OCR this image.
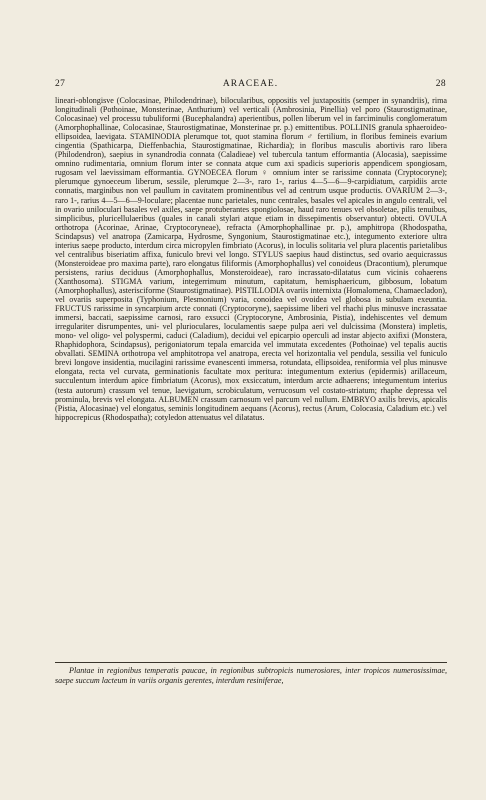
27	ARACEAE.	28

lineari-oblongisve (Colocasinae, Philodendrinae), bilocularibus, oppositis vel juxtapositis (semper in synandriis), rima longitudinali (Pothoinae, Monsterinae, Anthurium) vel verticali (Ambrosinia, Pinellia) vel poro (Staurostigmatinae, Colocasinae) vel processu tubuliformi (Bucephalandra) aperientibus, pollen liberum vel in farciminulis conglomeratum (Amorphophallinae, Colocasinae, Staurostigmatinae, Monsterinae pr. p.) emittentibus. POLLINIS granula sphaeroideo-ellipsoidea, laevigata. STAMINODIA plerumque tot, quot stamina florum ♂ fertilium, in floribus femineis evarium cingentia (Spathicarpa, Dieffenbachia, Staurostigmatinae, Richardia); in floribus masculis abortivis raro libera (Philodendron), saepius in synandrodia connata (Caladieae) vel tubercula tantum efformantia (Alocasia), saepissime omnino rudimentaria, omnium florum inter se connata atque cum axi spadicis superioris appendicem spongiosam, rugosam vel laevissimam efformantia. GYNOECEA florum ♀ omnium inter se rarissime connata (Cryptocoryne); plerumque gynoeceum liberum, sessile, plerumque 2—3-, raro 1-, rarius 4—5—6—9-carpidiatum, carpidiis arcte connatis, marginibus non vel paullum in cavitatem prominentibus vel ad centrum usque productis. OVARIUM 2—3-, raro 1-, rarius 4—5—6—9-loculare; placentae nunc parietales, nunc centrales, basales vel apicales in angulo centrali, vel in ovario uniloculari basales vel axiles, saepe protuberantes spongiolosae, haud raro tenues vel obsoletae, pilis tenuibus, simplicibus, pluricellulaeribus (quales in canali stylari atque etiam in dissepimentis observantur) obtecti. OVULA orthotropa (Acorinae, Arinae, Cryptocoryneae), refracta (Amorphophallinae pr. p.), amphitropa (Rhodospatha, Scindapsus) vel anatropa (Zamicarpa, Hydrosme, Syngonium, Staurostigmatinae etc.), integumento exteriore ultra interius saepe producto, interdum circa micropylen fimbriato (Acorus), in loculis solitaria vel plura placentis parietalibus vel centralibus biseriatim affixa, funiculo brevi vel longo. STYLUS saepius haud distinctus, sed ovario aequicrassus (Monsteroideae pro maxima parte), raro elongatus filiformis (Amorphophallus) vel conoideus (Dracontium), plerumque persistens, rarius deciduus (Amorphophallus, Monsteroideae), raro incrassato-dilatatus cum vicinis cohaerens (Xanthosoma). STIGMA varium, integerrimum minutum, capitatum, hemisphaericum, gibbosum, lobatum (Amorphophallus), asterisciforme (Staurostigmatinae). PISTILLODIA ovariis internixta (Homalomena, Chamaecladon), vel ovariis superposita (Typhonium, Plesmonium) varia, conoidea vel ovoidea vel globosa in subulam exeuntia. FRUCTUS rarissime in syncarpium arcte connati (Cryptocoryne), saepissime liberi vel rhachi plus minusve incrassatae immersi, baccati, saepissime carnosi, raro exsucci (Cryptocoryne, Ambrosinia, Pistia), indehiscentes vel demum irregulariter disrumpentes, uni- vel plurioculares, loculamentis saepe pulpa aeri vel dulcissima (Monstera) impletis, mono- vel oligo- vel polyspermi, caduci (Caladium), decidui vel epicarpio operculi ad instar abjecto axifixi (Monstera, Rhaphidophora, Scindapsus), perigoniatorum tepala emarcida vel immutata excedentes (Pothoinae) vel tepalis auctis obvallati. SEMINA orthotropa vel amphitotropa vel anatropa, erecta vel horizontalia vel pendula, sessilia vel funiculo brevi longove insidentia, mucilagini rarissime evanescenti immersa, rotundata, ellipsoidea, reniformia vel plus minusve elongata, recta vel curvata, germinationis facultate mox peritura: integumentum exterius (epidermis) arillaceum, succulentum interdum apice fimbriatum (Acorus), mox exsiccatum, interdum arcte adhaerens; integumentum interius (testa autorum) crassum vel tenue, laevigatum, scrobiculatum, verrucosum vel costato-striatum; rhaphe depressa vel prominula, brevis vel elongata. ALBUMEN crassum carnosum vel parcum vel nullum. EMBRYO axilis brevis, apicalis (Pistia, Alocasinae) vel elongatus, seminis longitudinem aequans (Acorus), rectus (Arum, Colocasia, Caladium etc.) vel hippocrepicus (Rhodospatha); cotyledon attenuatus vel dilatatus.

Plantae in regionibus temperatis paucae, in regionibus subtropicis numerosiores, inter tropicos numerosissimae, saepe succum lacteum in variis organis gerentes, interdum resiniferae,
